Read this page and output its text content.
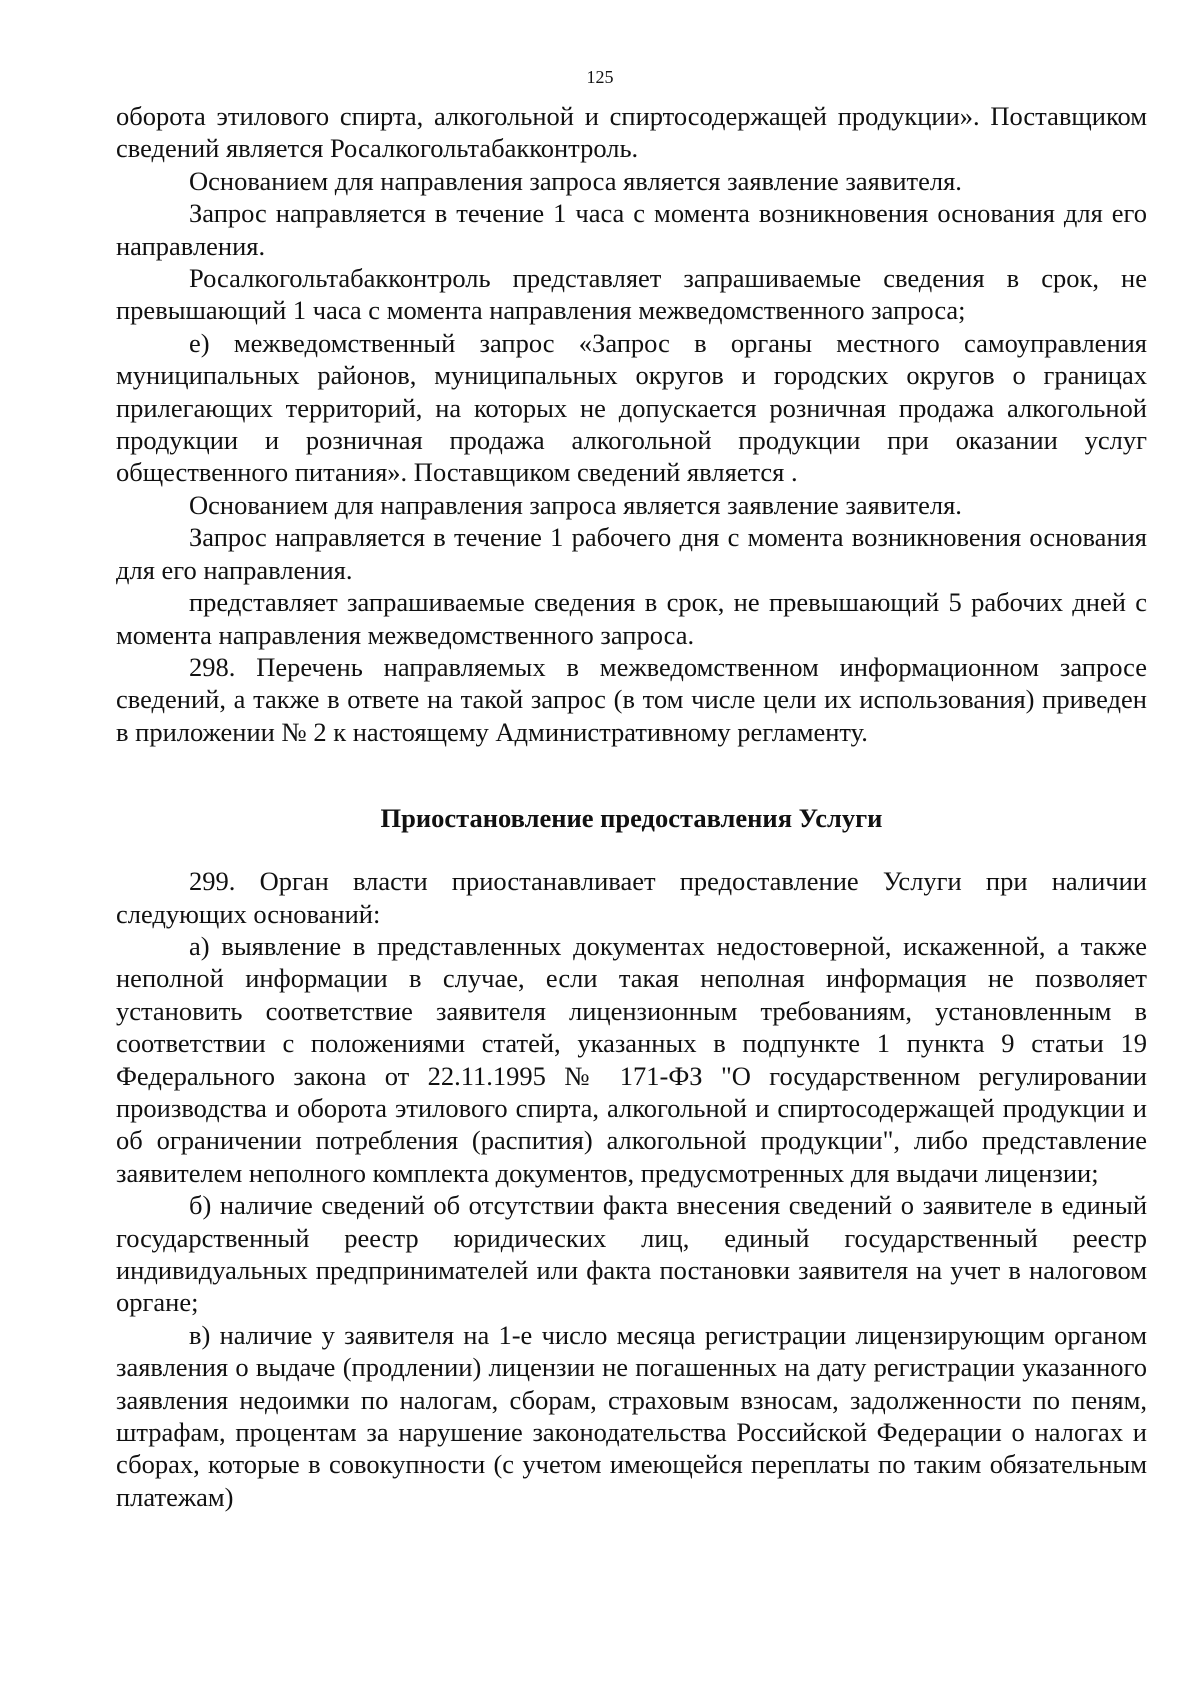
125

оборота этилового спирта, алкогольной и спиртосодержащей продукции». Поставщиком сведений является Росалкогольтабакконтроль.

Основанием для направления запроса является заявление заявителя.

Запрос направляется в течение 1 часа с момента возникновения основания для его направления.

Росалкогольтабакконтроль представляет запрашиваемые сведения в срок, не превышающий 1 часа с момента направления межведомственного запроса;

е) межведомственный запрос «Запрос в органы местного самоуправления муниципальных районов, муниципальных округов и городских округов о границах прилегающих территорий, на которых не допускается розничная продажа алкогольной продукции и розничная продажа алкогольной продукции при оказании услуг общественного питания». Поставщиком сведений является .

Основанием для направления запроса является заявление заявителя.

Запрос направляется в течение 1 рабочего дня с момента возникновения основания для его направления.

представляет запрашиваемые сведения в срок, не превышающий 5 рабочих дней с момента направления межведомственного запроса.

298. Перечень направляемых в межведомственном информационном запросе сведений, а также в ответе на такой запрос (в том числе цели их использования) приведен в приложении № 2 к настоящему Административному регламенту.

Приостановление предоставления Услуги

299. Орган власти приостанавливает предоставление Услуги при наличии следующих оснований:

а) выявление в представленных документах недостоверной, искаженной, а также неполной информации в случае, если такая неполная информация не позволяет установить соответствие заявителя лицензионным требованиям, установленным в соответствии с положениями статей, указанных в подпункте 1 пункта 9 статьи 19 Федерального закона от 22.11.1995 № 171-ФЗ "О государственном регулировании производства и оборота этилового спирта, алкогольной и спиртосодержащей продукции и об ограничении потребления (распития) алкогольной продукции", либо представление заявителем неполного комплекта документов, предусмотренных для выдачи лицензии;

б) наличие сведений об отсутствии факта внесения сведений о заявителе в единый государственный реестр юридических лиц, единый государственный реестр индивидуальных предпринимателей или факта постановки заявителя на учет в налоговом органе;

в) наличие у заявителя на 1-е число месяца регистрации лицензирующим органом заявления о выдаче (продлении) лицензии не погашенных на дату регистрации указанного заявления недоимки по налогам, сборам, страховым взносам, задолженности по пеням, штрафам, процентам за нарушение законодательства Российской Федерации о налогах и сборах, которые в совокупности (с учетом имеющейся переплаты по таким обязательным платежам)
